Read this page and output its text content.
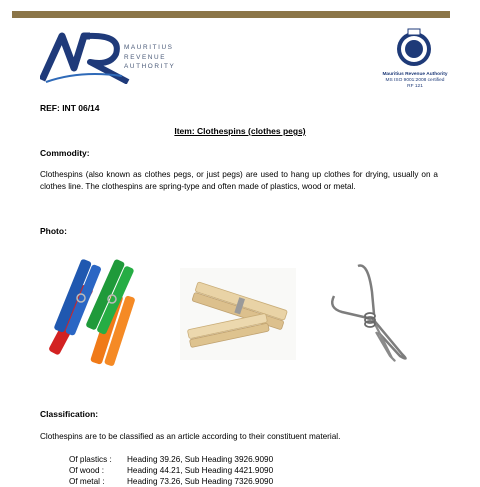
MAURITIUS
REVENUE
AUTHORITY
Mauritius Revenue Authority
MS ISO 9001:2008 certified
RF 121
REF: INT 06/14
Item: Clothespins (clothes pegs)
Commodity:
Clothespins (also known as clothes pegs, or just pegs) are used to hang up clothes for drying, usually on a clothes line. The clothespins are spring-type and often made of plastics, wood or metal.
Photo:
Classification:
Clothespins are to be classified as an article according to their constituent material.
Of plastics : Heading 39.26, Sub Heading 3926.9090
Of wood :	Heading 44.21, Sub Heading 4421.9090
Of metal :	Heading 73.26, Sub Heading 7326.9090
